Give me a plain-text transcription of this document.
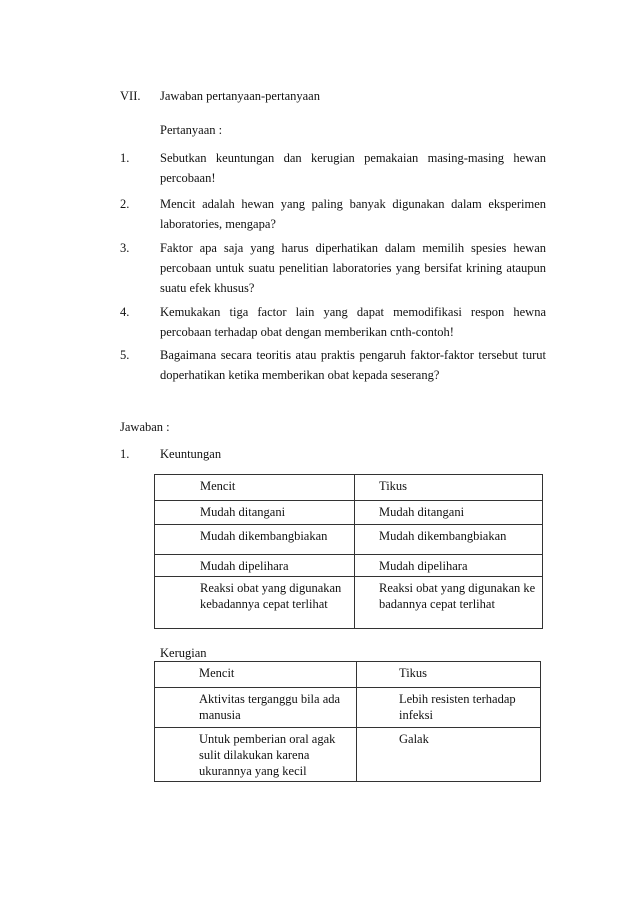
VII. Jawaban pertanyaan-pertanyaan
Pertanyaan :
1. Sebutkan keuntungan dan kerugian pemakaian masing-masing hewan percobaan!
2. Mencit adalah hewan yang paling banyak digunakan dalam eksperimen laboratories, mengapa?
3. Faktor apa saja yang harus diperhatikan dalam memilih spesies hewan percobaan untuk suatu penelitian laboratories yang bersifat krining ataupun suatu efek khusus?
4. Kemukakan tiga factor lain yang dapat memodifikasi respon hewna percobaan terhadap obat dengan memberikan cnth-contoh!
5. Bagaimana secara teoritis atau praktis pengaruh faktor-faktor tersebut turut doperhatikan ketika memberikan obat kepada seserang?
Jawaban :
1. Keuntungan
Mencit	Tikus
Mudah ditangani	Mudah ditangani
Mudah dikembangbiakan	Mudah dikembangbiakan
Mudah dipelihara	Mudah dipelihara
Reaksi obat yang digunakan kebadannya cepat terlihat	Reaksi obat yang digunakan ke badannya cepat terlihat
Kerugian
Mencit	Tikus
Aktivitas terganggu bila ada manusia	Lebih resisten terhadap infeksi
Untuk pemberian oral agak sulit dilakukan karena ukurannya yang kecil	Galak
